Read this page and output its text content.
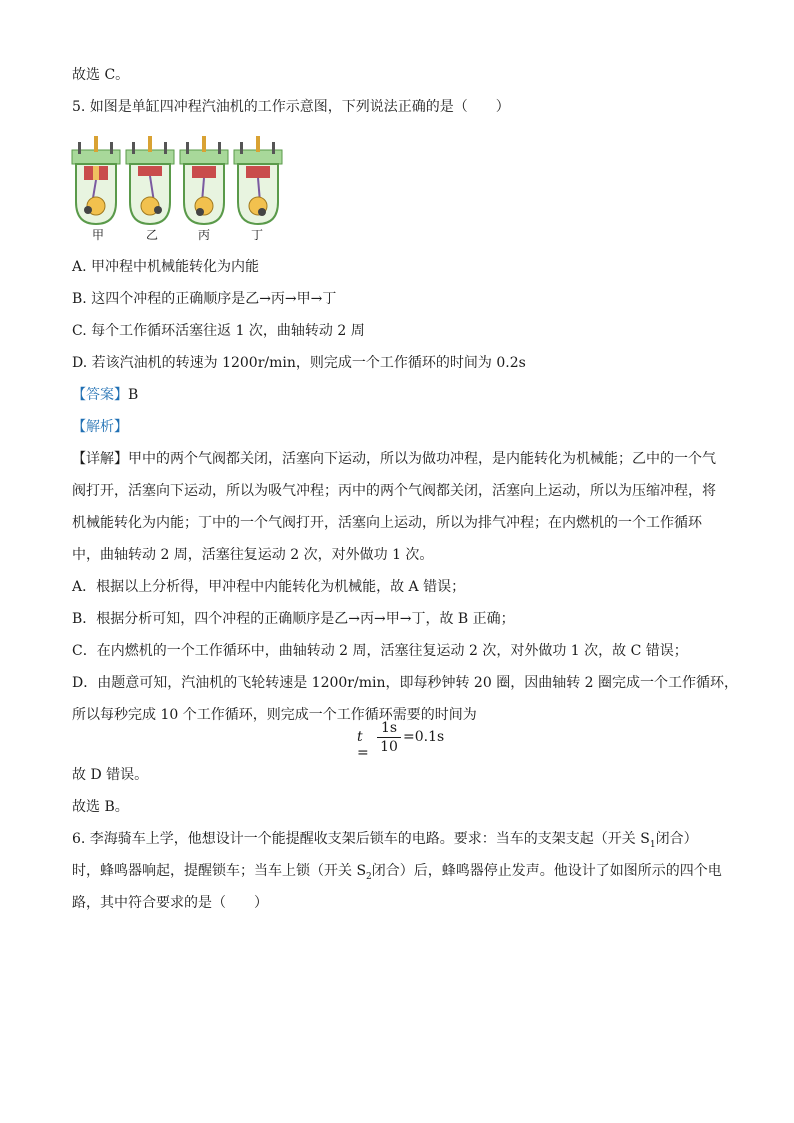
故选 C。
5. 如图是单缸四冲程汽油机的工作示意图，下列说法正确的是（　　）
甲	乙	丙	丁
A. 甲冲程中机械能转化为内能
B. 这四个冲程的正确顺序是乙→丙→甲→丁
C. 每个工作循环活塞往返 1 次，曲轴转动 2 周
D. 若该汽油机的转速为 1200r/min，则完成一个工作循环的时间为 0.2s
【答案】B
【解析】
【详解】甲中的两个气阀都关闭，活塞向下运动，所以为做功冲程，是内能转化为机械能；乙中的一个气
阀打开，活塞向下运动，所以为吸气冲程；丙中的两个气阀都关闭，活塞向上运动，所以为压缩冲程，将
机械能转化为内能；丁中的一个气阀打开，活塞向上运动，所以为排气冲程；在内燃机的一个工作循环
中，曲轴转动 2 周，活塞往复运动 2 次，对外做功 1 次。
A．根据以上分析得，甲冲程中内能转化为机械能，故 A 错误；
B．根据分析可知，四个冲程的正确顺序是乙→丙→甲→丁，故 B 正确；
C．在内燃机的一个工作循环中，曲轴转动 2 周，活塞往复运动 2 次，对外做功 1 次，故 C 错误；
D．由题意可知，汽油机的飞轮转速是 1200r/min，即每秒钟转 20 圈，因曲轴转 2 圈完成一个工作循环，
所以每秒完成 10 个工作循环，则完成一个工作循环需要的时间为
t =
1s
10
=0.1s
故 D 错误。
故选 B。
6. 李海骑车上学，他想设计一个能提醒收支架后锁车的电路。要求：当车的支架支起（开关 $S_1$闭合）
时，蜂鸣器响起，提醒锁车；当车上锁（开关 $S_2$闭合）后，蜂鸣器停止发声。他设计了如图所示的四个电
路，其中符合要求的是（　　）
